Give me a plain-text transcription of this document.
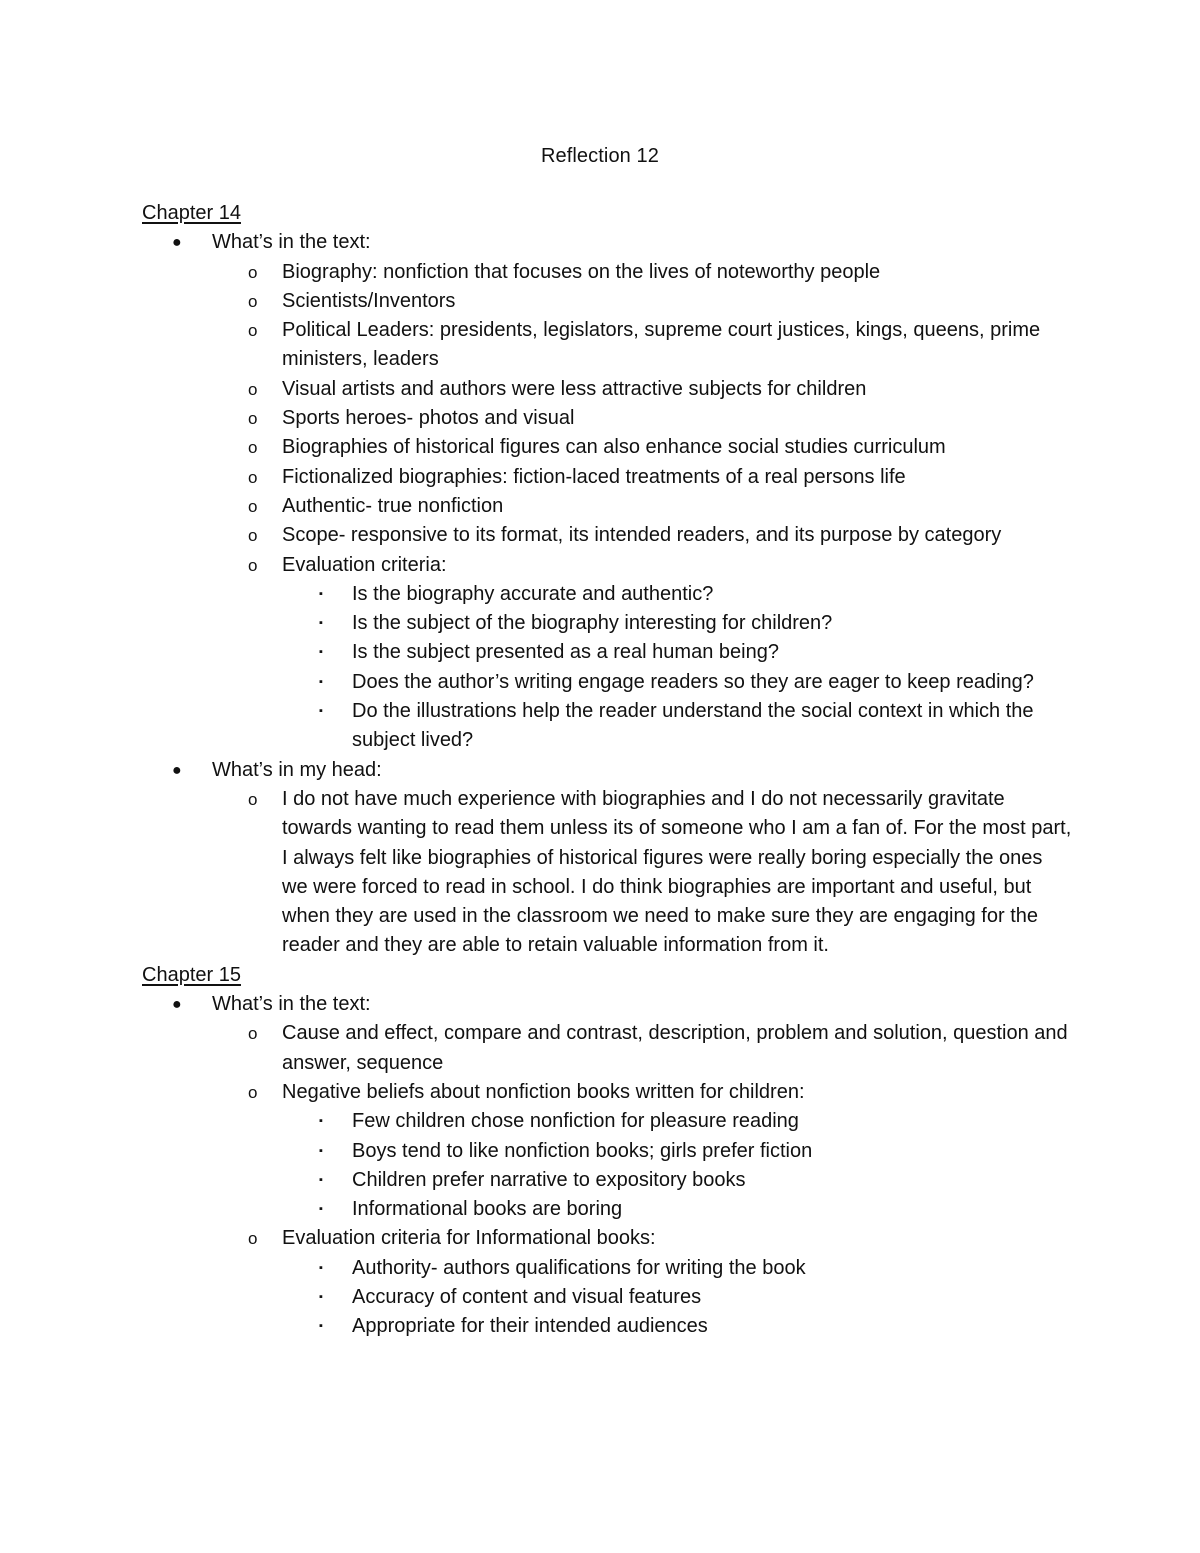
Reflection 12
Chapter 14
● What’s in the text:
o Biography: nonfiction that focuses on the lives of noteworthy people
o Scientists/Inventors
o Political Leaders: presidents, legislators, supreme court justices, kings, queens, prime ministers, leaders
o Visual artists and authors were less attractive subjects for children
o Sports heroes- photos and visual
o Biographies of historical figures can also enhance social studies curriculum
o Fictionalized biographies: fiction-laced treatments of a real persons life
o Authentic- true nonfiction
o Scope- responsive to its format, its intended readers, and its purpose by category
o Evaluation criteria:
▪ Is the biography accurate and authentic?
▪ Is the subject of the biography interesting for children?
▪ Is the subject presented as a real human being?
▪ Does the author’s writing engage readers so they are eager to keep reading?
▪ Do the illustrations help the reader understand the social context in which the subject lived?
● What’s in my head:
o I do not have much experience with biographies and I do not necessarily gravitate towards wanting to read them unless its of someone who I am a fan of. For the most part, I always felt like biographies of historical figures were really boring especially the ones we were forced to read in school. I do think biographies are important and useful, but when they are used in the classroom we need to make sure they are engaging for the reader and they are able to retain valuable information from it.
Chapter 15
● What’s in the text:
o Cause and effect, compare and contrast, description, problem and solution, question and answer, sequence
o Negative beliefs about nonfiction books written for children:
▪ Few children chose nonfiction for pleasure reading
▪ Boys tend to like nonfiction books; girls prefer fiction
▪ Children prefer narrative to expository books
▪ Informational books are boring
o Evaluation criteria for Informational books:
▪ Authority- authors qualifications for writing the book
▪ Accuracy of content and visual features
▪ Appropriate for their intended audiences
